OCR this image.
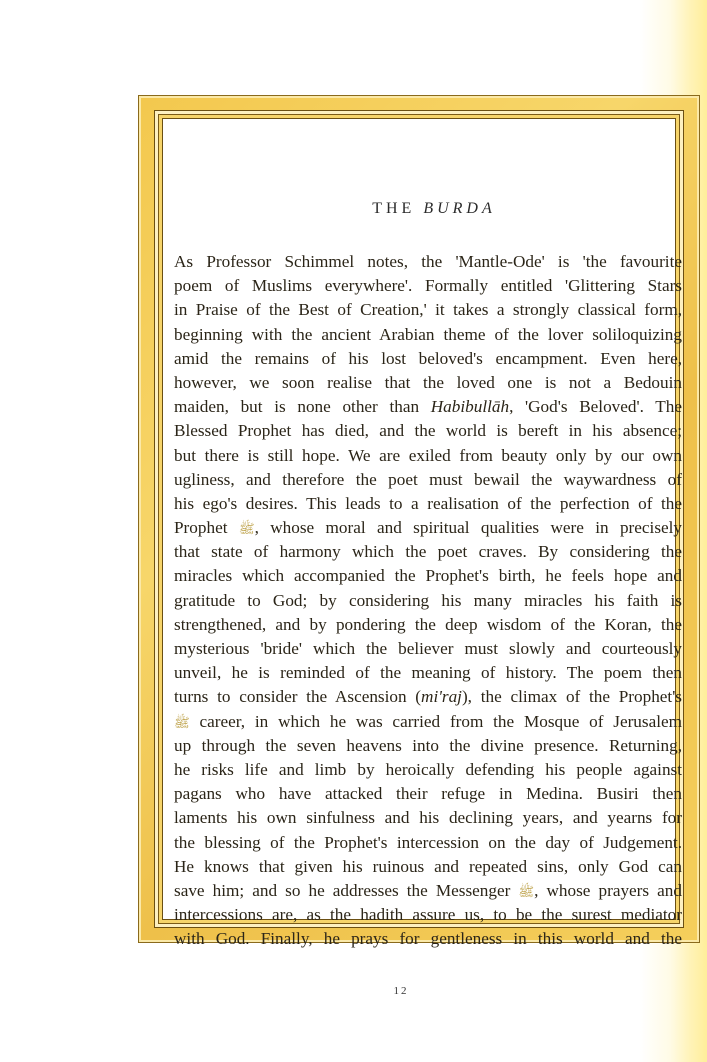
THE BURDA
As Professor Schimmel notes, the 'Mantle-Ode' is 'the favourite
poem of Muslims everywhere'. Formally entitled 'Glittering Stars
in Praise of the Best of Creation,' it takes a strongly classical form,
beginning with the ancient Arabian theme of the lover soliloquizing
amid the remains of his lost beloved's encampment. Even here,
however, we soon realise that the loved one is not a Bedouin
maiden, but is none other than Habibullāh, 'God's Beloved'. The
Blessed Prophet has died, and the world is bereft in his absence;
but there is still hope. We are exiled from beauty only by our own
ugliness, and therefore the poet must bewail the waywardness of
his ego's desires. This leads to a realisation of the perfection of the
Prophet ﷺ, whose moral and spiritual qualities were in precisely
that state of harmony which the poet craves. By considering the
miracles which accompanied the Prophet's birth, he feels hope and
gratitude to God; by considering his many miracles his faith is
strengthened, and by pondering the deep wisdom of the Koran, the
mysterious 'bride' which the believer must slowly and courteously
unveil, he is reminded of the meaning of history. The poem then
turns to consider the Ascension (mi'raj), the climax of the Prophet's
ﷺ career, in which he was carried from the Mosque of Jerusalem
up through the seven heavens into the divine presence. Returning,
he risks life and limb by heroically defending his people against
pagans who have attacked their refuge in Medina. Busiri then
laments his own sinfulness and his declining years, and yearns for
the blessing of the Prophet's intercession on the day of Judgement.
He knows that given his ruinous and repeated sins, only God can
save him; and so he addresses the Messenger ﷺ, whose prayers and
intercessions are, as the hadith assure us, to be the surest mediator
with God. Finally, he prays for gentleness in this world and the
12
